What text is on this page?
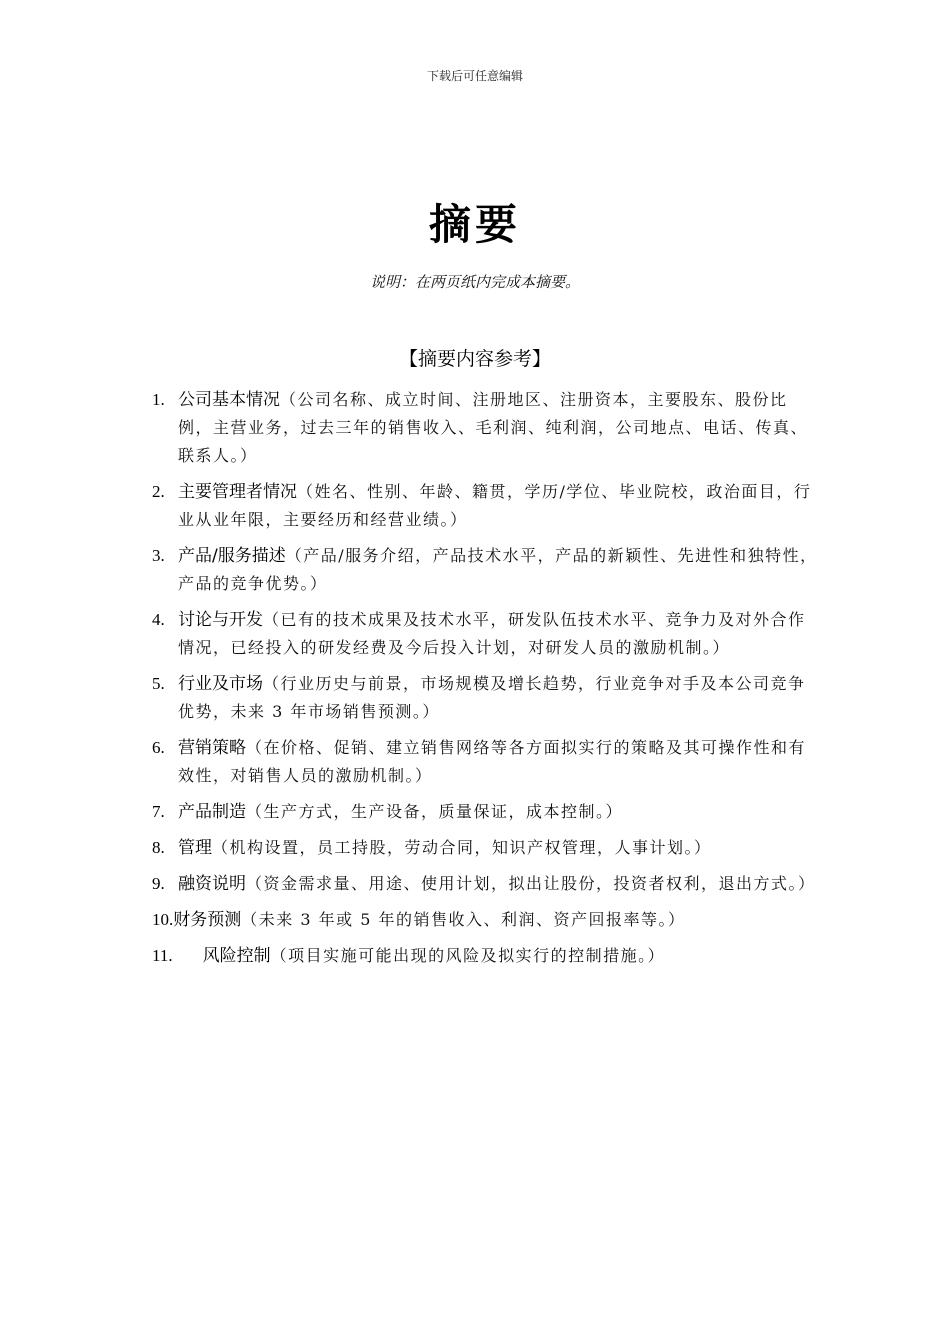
下载后可任意编辑
摘要
说明：在两页纸内完成本摘要。
【摘要内容参考】
1. 公司基本情况（公司名称、成立时间、注册地区、注册资本，主要股东、股份比例，主营业务，过去三年的销售收入、毛利润、纯利润，公司地点、电话、传真、联系人。）
2. 主要管理者情况（姓名、性别、年龄、籍贯，学历/学位、毕业院校，政治面目，行业从业年限，主要经历和经营业绩。）
3. 产品/服务描述（产品/服务介绍，产品技术水平，产品的新颖性、先进性和独特性，产品的竞争优势。）
4. 讨论与开发（已有的技术成果及技术水平，研发队伍技术水平、竞争力及对外合作情况，已经投入的研发经费及今后投入计划，对研发人员的激励机制。）
5. 行业及市场（行业历史与前景，市场规模及增长趋势，行业竞争对手及本公司竞争优势，未来 3 年市场销售预测。）
6. 营销策略（在价格、促销、建立销售网络等各方面拟实行的策略及其可操作性和有效性，对销售人员的激励机制。）
7. 产品制造（生产方式，生产设备，质量保证，成本控制。）
8. 管理（机构设置，员工持股，劳动合同，知识产权管理，人事计划。）
9. 融资说明（资金需求量、用途、使用计划，拟出让股份，投资者权利，退出方式。）
10.财务预测（未来 3 年或 5 年的销售收入、利润、资产回报率等。）
11. 风险控制（项目实施可能出现的风险及拟实行的控制措施。）
